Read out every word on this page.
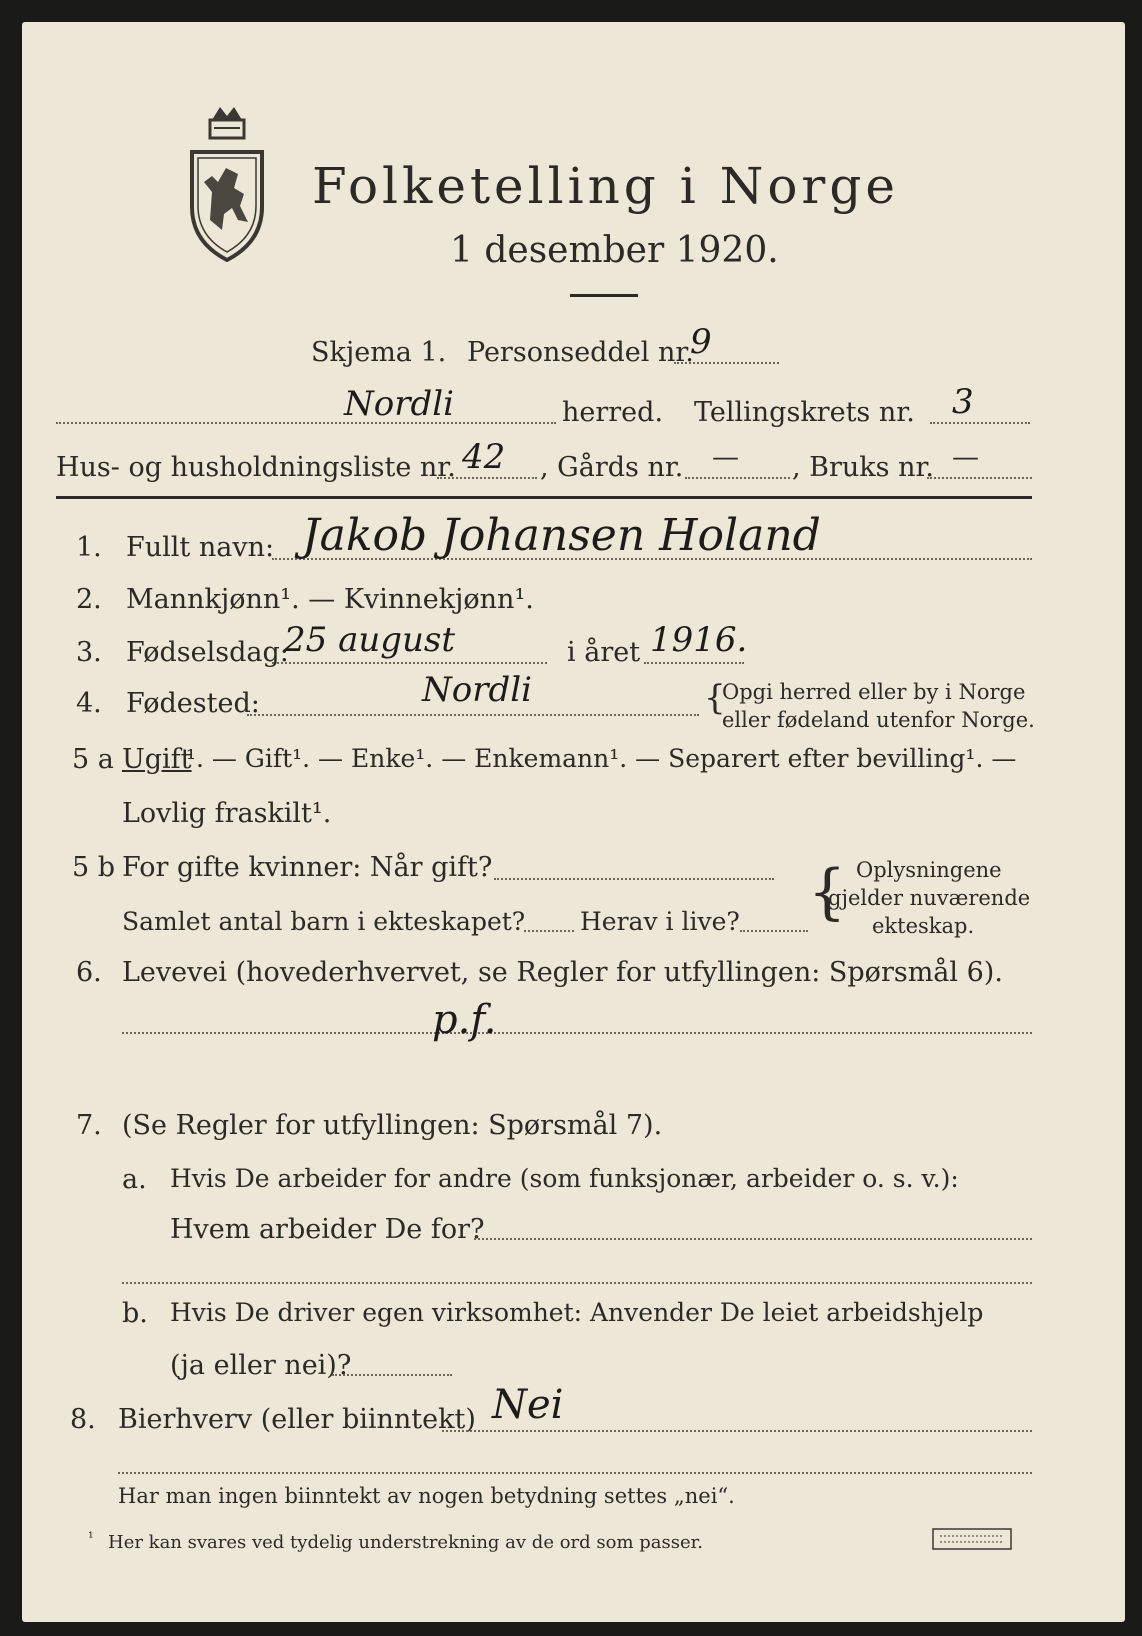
Folketelling i Norge
1 desember 1920.
Skjema 1. Personseddel nr.
9
Nordli	herred. Tellingskrets nr. 3
Hus- og husholdningsliste nr. 42 , Gårds nr. — , Bruks nr. —
1. Fullt navn: Jakob Johansen Holand
2. Mannkjønn¹. — Kvinnekjønn¹.
3. Fødselsdag:
25 august	i året 1916.
4. Fødested:	Nordli	{
Opgi herred eller by i Norge
eller fødeland utenfor Norge.
5 a Ugift
¹. — Gift¹. — Enke¹. — Enkemann¹. — Separert efter bevilling¹. —
Lovlig fraskilt¹.
5 b For gifte kvinner: Når gift?
Samlet antal barn i ekteskapet? Herav i live? { Oplysningene
gjelder nuværende
ekteskap.
6. Levevei (hovederhvervet, se Regler for utfyllingen: Spørsmål 6).
p.f.
7. (Se Regler for utfyllingen: Spørsmål 7).
a. Hvis De arbeider for andre (som funksjonær, arbeider o. s. v.):
Hvem arbeider De for?
b. Hvis De driver egen virksomhet: Anvender De leiet arbeidshjelp
(ja eller nei)?
8. Bierhverv (eller biinntekt) Nei
Har man ingen biinntekt av nogen betydning settes „nei“.
¹ Her kan svares ved tydelig understrekning av de ord som passer.
